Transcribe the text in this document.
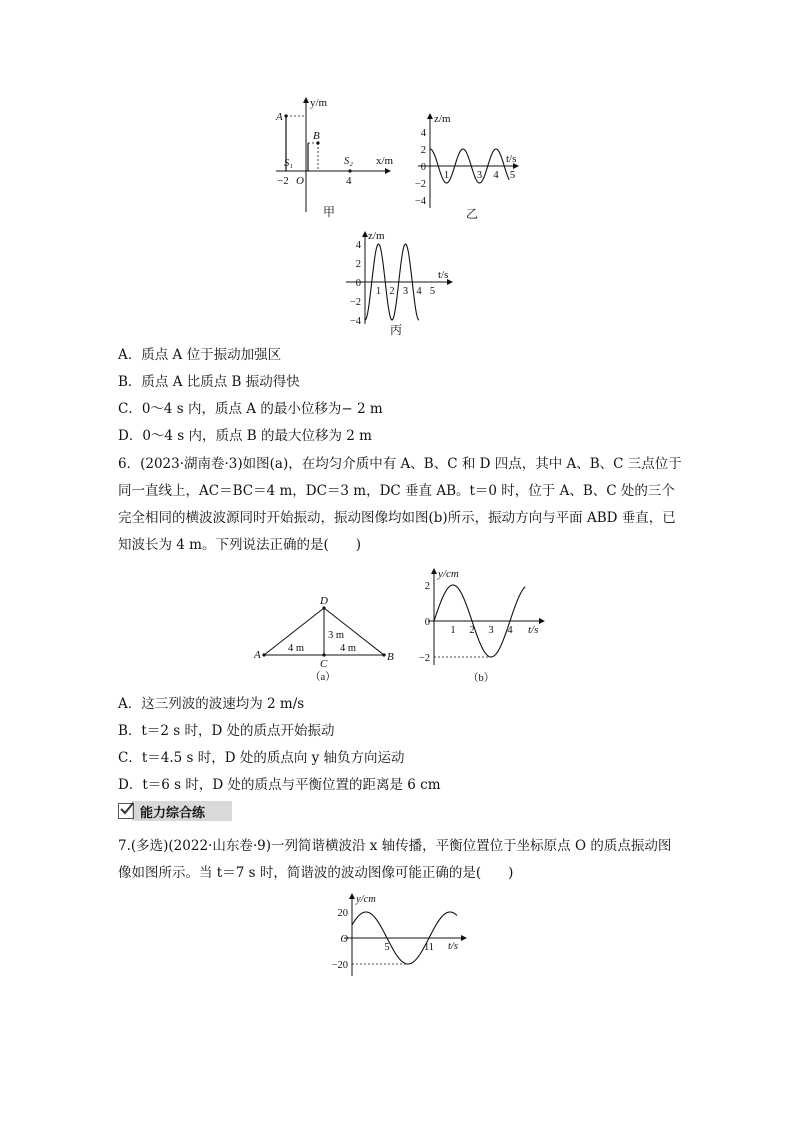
y/m
x/m
A
B
S₁	S₂
−2 O	4
甲
z/m
t/s
4
2
0
−2
−4
1	3 4 5
乙
z/m
t/s
4
2
0
−2
−4
1 2 3 4 5
丙
A．质点 A 位于振动加强区
B．质点 A 比质点 B 振动得快
C．0～4 s 内，质点 A 的最小位移为− 2 m
D．0～4 s 内，质点 B 的最大位移为 2 m
6．(2023·湖南卷·3)如图(a)，在均匀介质中有 A、B、C 和 D 四点，其中 A、B、C 三点位于同一直线上，AC＝BC＝4 m，DC＝3 m，DC 垂直 AB。t＝0 时，位于 A、B、C 处的三个完全相同的横波波源同时开始振动，振动图像均如图(b)所示，振动方向与平面 ABD 垂直，已知波长为 4 m。下列说法正确的是(　　)
A	B
C
D
4 m	4 m
3 m
（a）
y/cm
t/s
2
0
−2
1 2 3 4
（b）
A．这三列波的波速均为 2 m/s
B．t＝2 s 时，D 处的质点开始振动
C．t＝4.5 s 时，D 处的质点向 y 轴负方向运动
D．t＝6 s 时，D 处的质点与平衡位置的距离是 6 cm
能力综合练
7.(多选)(2022·山东卷·9)一列简谐横波沿 x 轴传播，平衡位置位于坐标原点 O 的质点振动图像如图所示。当 t＝7 s 时，简谐波的波动图像可能正确的是(　　)
y/cm
t/s
20
O
−20
5	11
